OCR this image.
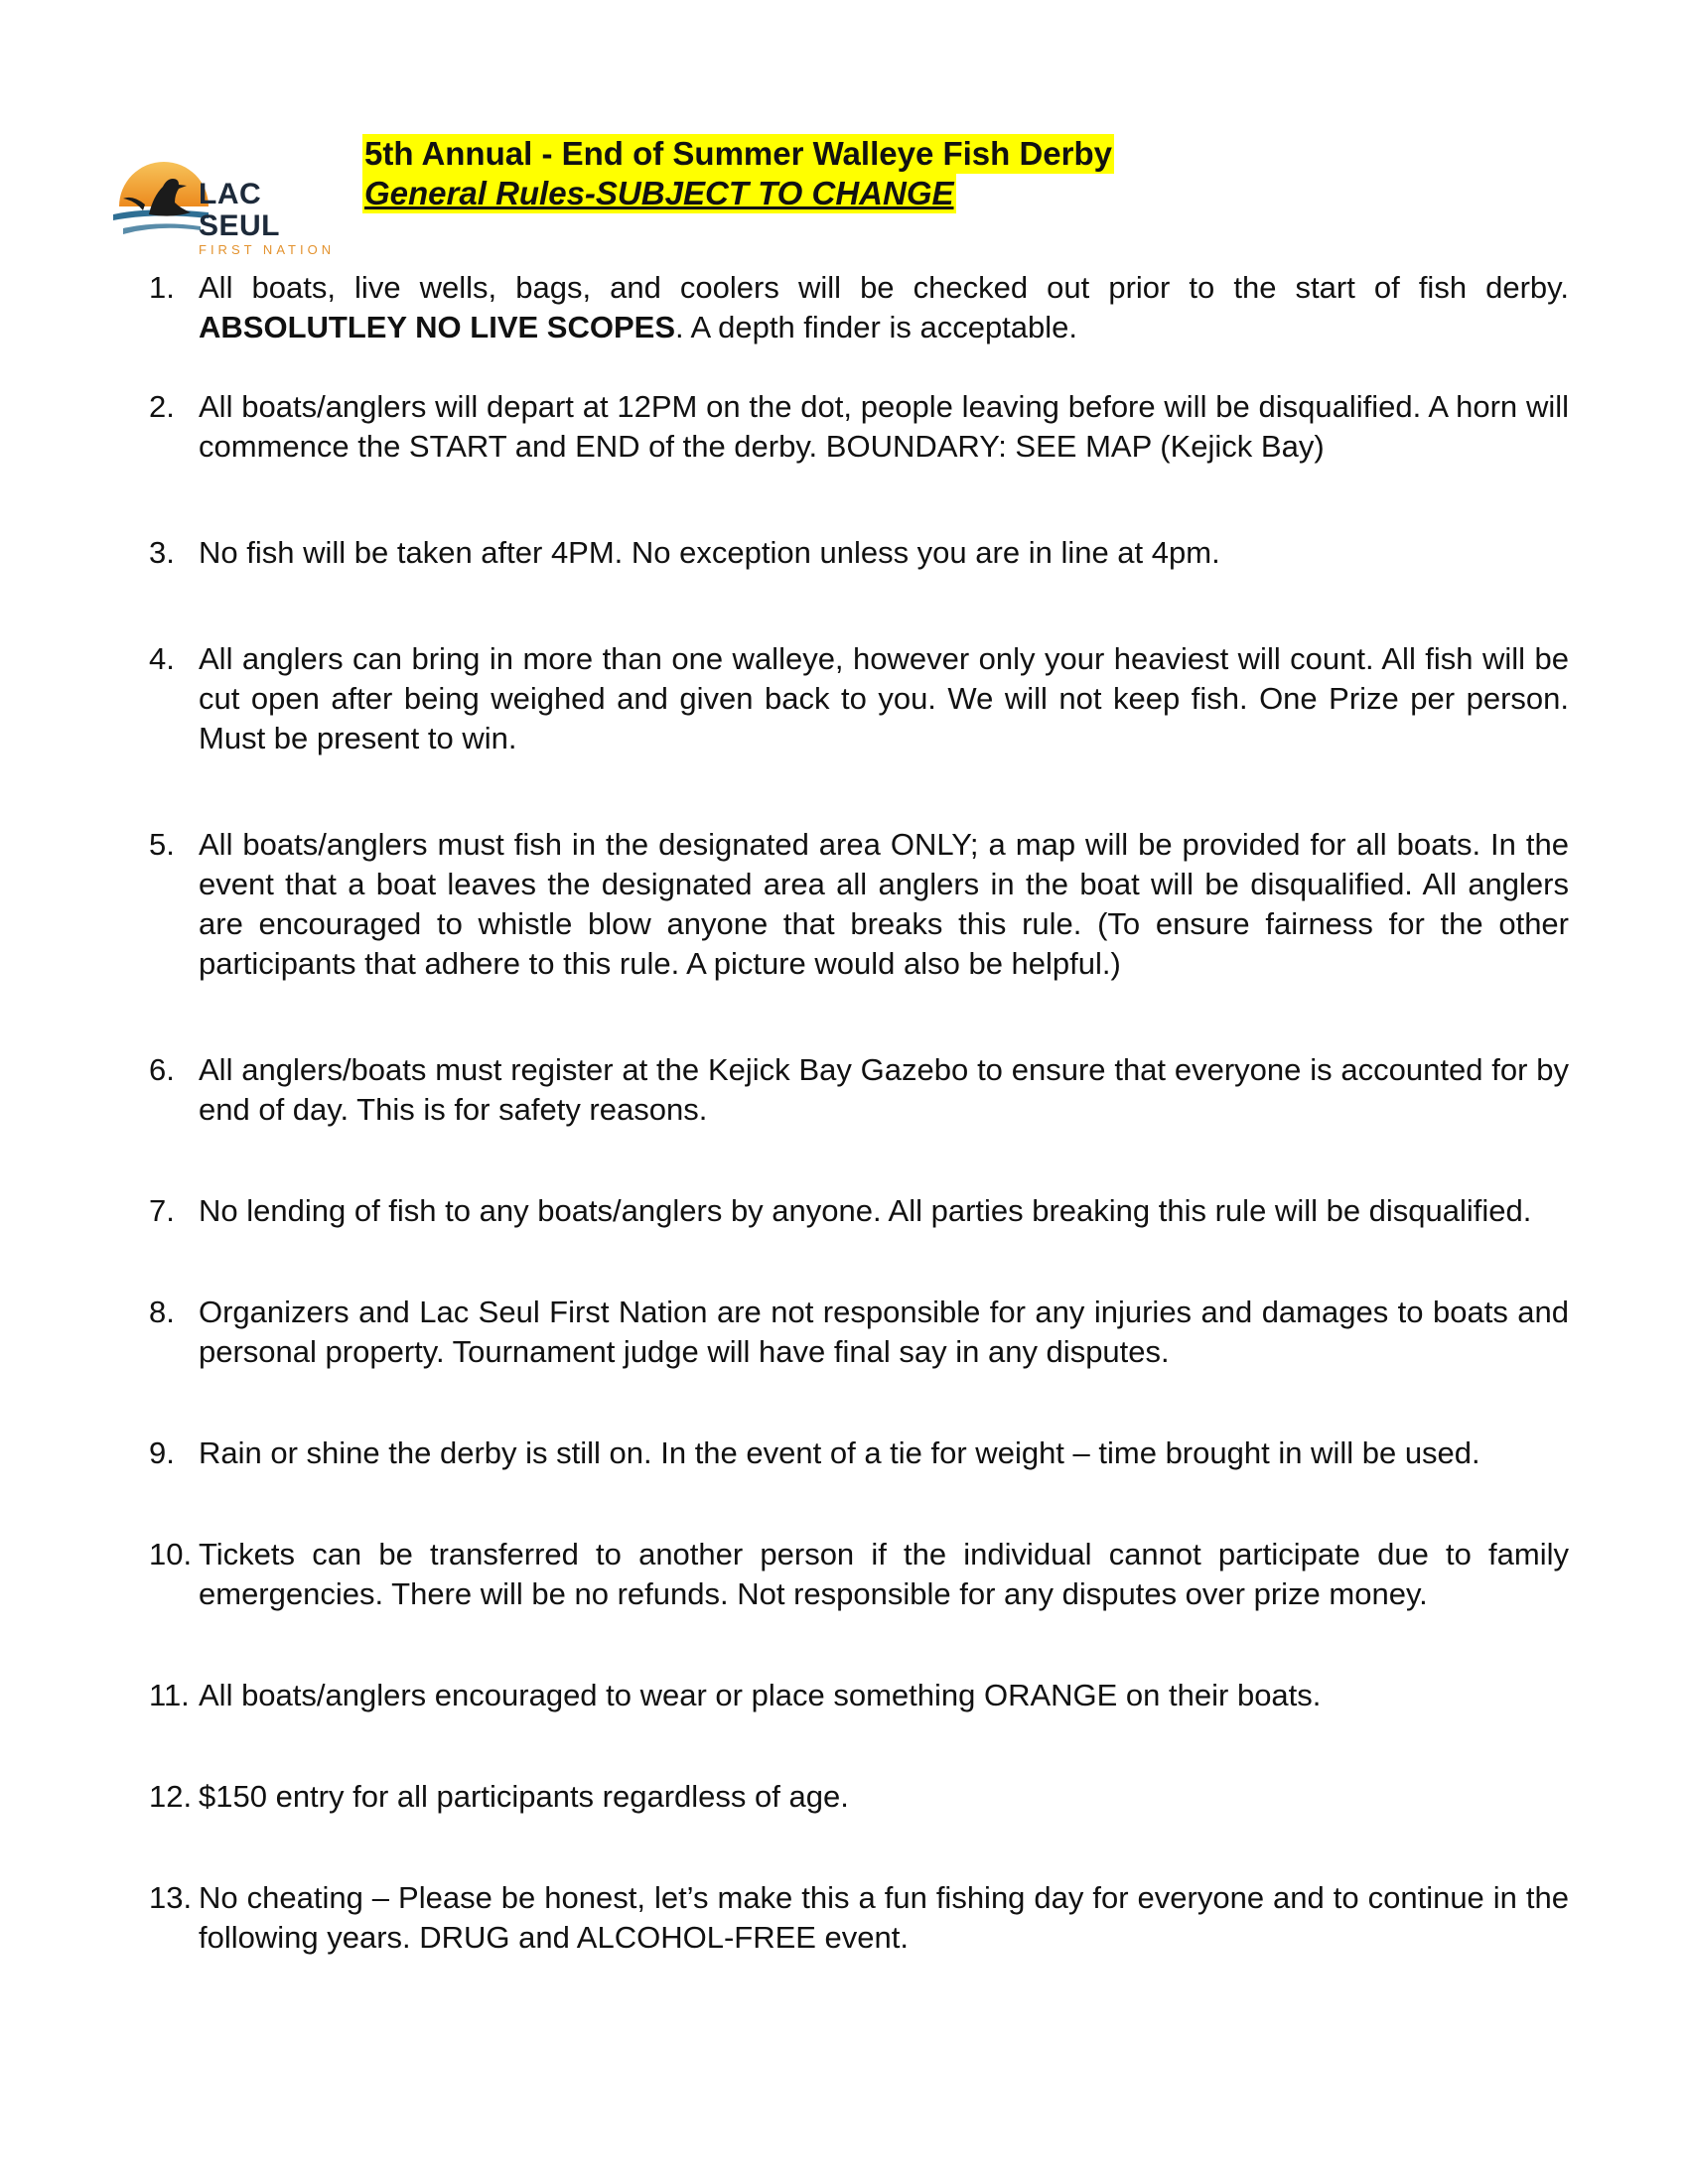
LAC SEUL
FIRST NATION
5th Annual - End of Summer Walleye Fish Derby
General Rules-SUBJECT TO CHANGE
1. All boats, live wells, bags, and coolers will be checked out prior to the start of fish derby. ABSOLUTLEY NO LIVE SCOPES. A depth finder is acceptable.
2. All boats/anglers will depart at 12PM on the dot, people leaving before will be disqualified. A horn will commence the START and END of the derby. BOUNDARY: SEE MAP (Kejick Bay)
3. No fish will be taken after 4PM. No exception unless you are in line at 4pm.
4. All anglers can bring in more than one walleye, however only your heaviest will count. All fish will be cut open after being weighed and given back to you. We will not keep fish. One Prize per person. Must be present to win.
5. All boats/anglers must fish in the designated area ONLY; a map will be provided for all boats. In the event that a boat leaves the designated area all anglers in the boat will be disqualified. All anglers are encouraged to whistle blow anyone that breaks this rule. (To ensure fairness for the other participants that adhere to this rule. A picture would also be helpful.)
6. All anglers/boats must register at the Kejick Bay Gazebo to ensure that everyone is accounted for by end of day. This is for safety reasons.
7. No lending of fish to any boats/anglers by anyone. All parties breaking this rule will be disqualified.
8. Organizers and Lac Seul First Nation are not responsible for any injuries and damages to boats and personal property. Tournament judge will have final say in any disputes.
9. Rain or shine the derby is still on. In the event of a tie for weight – time brought in will be used.
10. Tickets can be transferred to another person if the individual cannot participate due to family emergencies. There will be no refunds. Not responsible for any disputes over prize money.
11. All boats/anglers encouraged to wear or place something ORANGE on their boats.
12. $150 entry for all participants regardless of age.
13. No cheating – Please be honest, let’s make this a fun fishing day for everyone and to continue in the following years. DRUG and ALCOHOL-FREE event.
